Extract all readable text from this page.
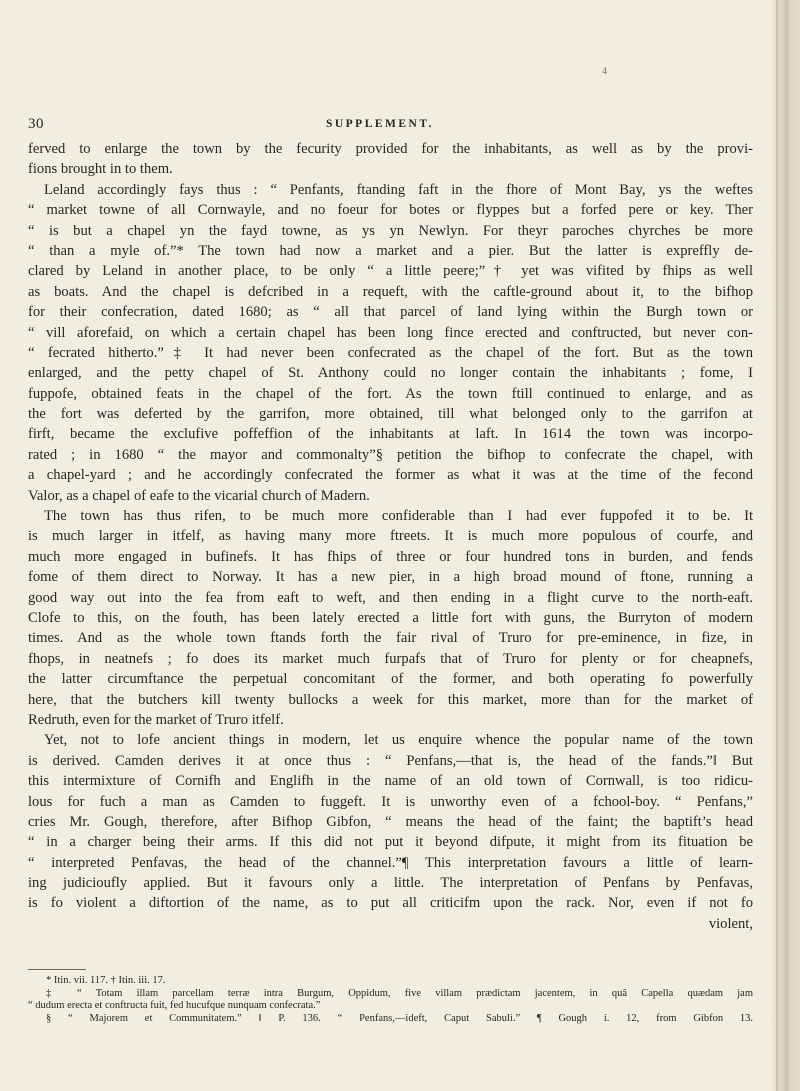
4
30	SUPPLEMENT.
ferved to enlarge the town by the fecurity provided for the inhabitants, as well as by the provi-
fions brought in to them.
Leland accordingly fays thus : “ Penfants, ftanding faft in the fhore of Mont Bay, ys the weftes
“ market towne of all Cornwayle, and no foeur for botes or flyppes but a forfed pere or key. Ther
“ is but a chapel yn the fayd towne, as ys yn Newlyn. For theyr paroches chyrches be more
“ than a myle of.”* The town had now a market and a pier. But the latter is expreffly de-
clared by Leland in another place, to be only “ a little peere;”† yet was vifited by fhips as well
as boats. And the chapel is defcribed in a requeft, with the caftle-ground about it, to the bifhop
for their confecration, dated 1680; as “ all that parcel of land lying within the Burgh town or
“ vill aforefaid, on which a certain chapel has been long fince erected and conftructed, but never con-
“ fecrated hitherto.”‡ It had never been confecrated as the chapel of the fort. But as the town
enlarged, and the petty chapel of St. Anthony could no longer contain the inhabitants ; fome, I
fuppofe, obtained feats in the chapel of the fort. As the town ftill continued to enlarge, and as
the fort was deferted by the garrifon, more obtained, till what belonged only to the garrifon at
firft, became the exclufive poffeffion of the inhabitants at laft. In 1614 the town was incorpo-
rated ; in 1680 “ the mayor and commonalty”§ petition the bifhop to confecrate the chapel, with
a chapel-yard ; and he accordingly confecrated the former as what it was at the time of the fecond
Valor, as a chapel of eafe to the vicarial church of Madern.
The town has thus rifen, to be much more confiderable than I had ever fuppofed it to be. It
is much larger in itfelf, as having many more ftreets. It is much more populous of courfe, and
much more engaged in bufinefs. It has fhips of three or four hundred tons in burden, and fends
fome of them direct to Norway. It has a new pier, in a high broad mound of ftone, running a
good way out into the fea from eaft to weft, and then ending in a flight curve to the north-eaft.
Clofe to this, on the fouth, has been lately erected a little fort with guns, the Burryton of modern
times. And as the whole town ftands forth the fair rival of Truro for pre-eminence, in fize, in
fhops, in neatnefs ; fo does its market much furpafs that of Truro for plenty or for cheapnefs,
the latter circumftance the perpetual concomitant of the former, and both operating fo powerfully
here, that the butchers kill twenty bullocks a week for this market, more than for the market of
Redruth, even for the market of Truro itfelf.
Yet, not to lofe ancient things in modern, let us enquire whence the popular name of the town
is derived. Camden derives it at once thus : “ Penfans,—that is, the head of the fands.”‖ But
this intermixture of Cornifh and Englifh in the name of an old town of Cornwall, is too ridicu-
lous for fuch a man as Camden to fuggeft. It is unworthy even of a fchool-boy. “ Penfans,”
cries Mr. Gough, therefore, after Bifhop Gibfon, “ means the head of the faint; the baptift’s head
“ in a charger being their arms. If this did not put it beyond difpute, it might from its fituation be
“ interpreted Penfavas, the head of the channel.”¶ This interpretation favours a little of learn-
ing judicioufly applied. But it favours only a little. The interpretation of Penfans by Penfavas,
is fo violent a diftortion of the name, as to put all criticifm upon the rack. Nor, even if not fo
violent,
* Itin. vii. 117. † Itin. iii. 17.
‡ “ Totam illam parcellam terræ intra Burgum, Oppidum, five villam prædictam jacentem, in quâ Capella quædam jam
“ dudum erecta et conftructa fuit, fed hucufque nunquam confecrata.”
§ “ Majorem et Communitatem.” ‖ P. 136. “ Penfans,—ideft, Caput Sabuli.” ¶ Gough i. 12, from Gibfon 13.
